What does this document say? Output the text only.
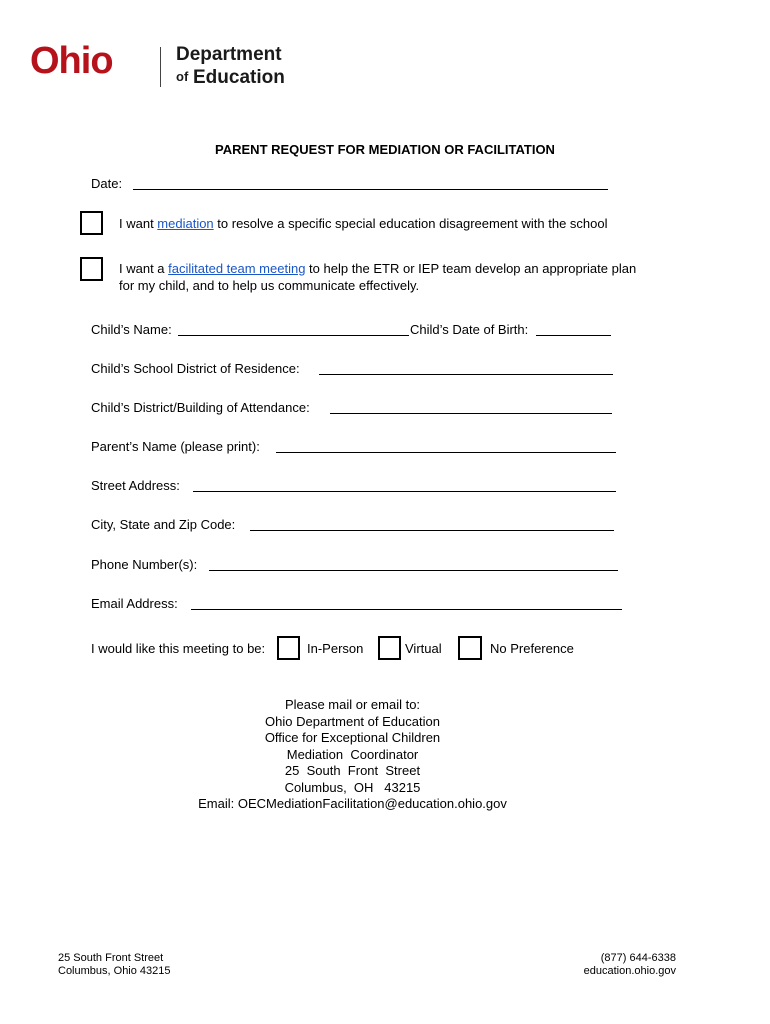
Ohio	Department
of Education
PARENT REQUEST FOR MEDIATION OR FACILITATION
Date:
I want mediation to resolve a specific special education disagreement with the school
I want a facilitated team meeting to help the ETR or IEP team develop an appropriate plan
for my child, and to help us communicate effectively.
Child’s Name:	Child’s Date of Birth:
Child’s School District of Residence:
Child’s District/Building of Attendance:
Parent’s Name (please print):
Street Address:
City, State and Zip Code:
Phone Number(s):
Email Address:
I would like this meeting to be:	In-Person	Virtual	No Preference
Please mail or email to:
Ohio Department of Education
Office for Exceptional Children
Mediation  Coordinator
25  South  Front  Street
Columbus,  OH   43215
Email: OECMediationFacilitation@education.ohio.gov
25 South Front Street
Columbus, Ohio 43215
(877) 644-6338
education.ohio.gov
